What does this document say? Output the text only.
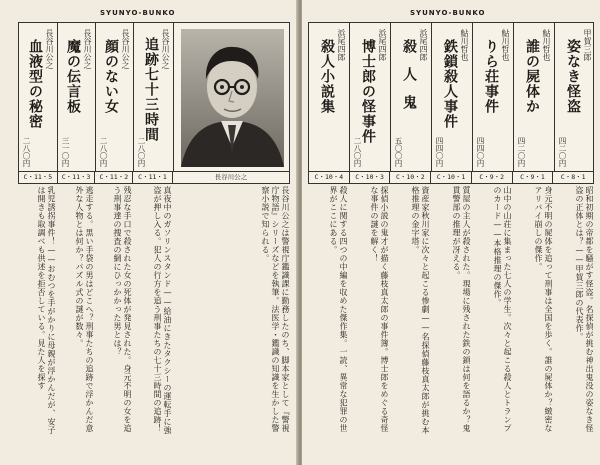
SYUNYO-BUNKO
長谷川公之
血液型の秘密
二八〇円
長谷川公之
魔の伝言板
三一〇円
長谷川公之
顔のない女
二八〇円
長谷川公之
追跡七十三時間
二八〇円
C・11・5	C・11・3	C・11・2	C・11・1	長谷川公之
乳児誘拐事件！——おむつを手がかりに母親が浮かんだが、安子は開きも取調べも供述を拒否している。見た人を探す	逃走する。黒い手袋の男はどこへ？刑事たちの追跡で浮かんだ意外な人物とは何か？パズル式の謎が数々。	残忍な手口で殺された女の死体が発見された。身元不明の女を追う刑事達の捜査の網にひっかかった男とは？	真夜中のガソリンスタンド——給油にきたタクシーの運転手に強盗が押し入る。犯人の行方を追う刑事たちの七十三時間の追跡！	長谷川公之は警視庁鑑識課に勤務したのち、脚本家として『警視庁物語』シリーズなどを執筆。法医学・鑑識の知識を生かした警察小説で知られる。
SYUNYO-BUNKO
浜尾四郎
殺人小説集	浜尾四郎
博士郎の怪事件
二八〇円
浜尾四郎
殺人鬼
五〇〇円
鮎川哲也
鉄鎖殺人事件
四四〇円
鮎川哲也
りら荘事件
四四〇円
鮎川哲也
誰の屍体か
四二〇円
甲賀三郎
姿なき怪盗
四二〇円
C・10・4	C・10・3	C・10・2	C・10・1	C・9・2	C・9・1	C・8・1
殺人に関する四つの中編を収めた傑作集。一読、異常な犯罪の世界がここにある。	探偵小説の鬼才が描く藤枝真太郎の事件簿。博士郎をめぐる奇怪な事件の謎を解く！	資産家秋川家に次々と起こる惨劇——名探偵藤枝真太郎が挑む本格推理の金字塔。	質屋の主人が殺された。現場に残された鉄の鎖は何を語るか？鬼貫警部の推理が冴える。	山中の山荘に集まった七人の学生。次々と起こる殺人とトランプのカード——本格推理の傑作。	身元不明の屍体を追って刑事は全国を歩く。誰の屍体か？緻密なアリバイ崩しの傑作。	昭和初期の帝都を騒がす怪盗。名探偵が挑む神出鬼没の姿なき怪盗の正体とは？——甲賀三郎の代表作。
